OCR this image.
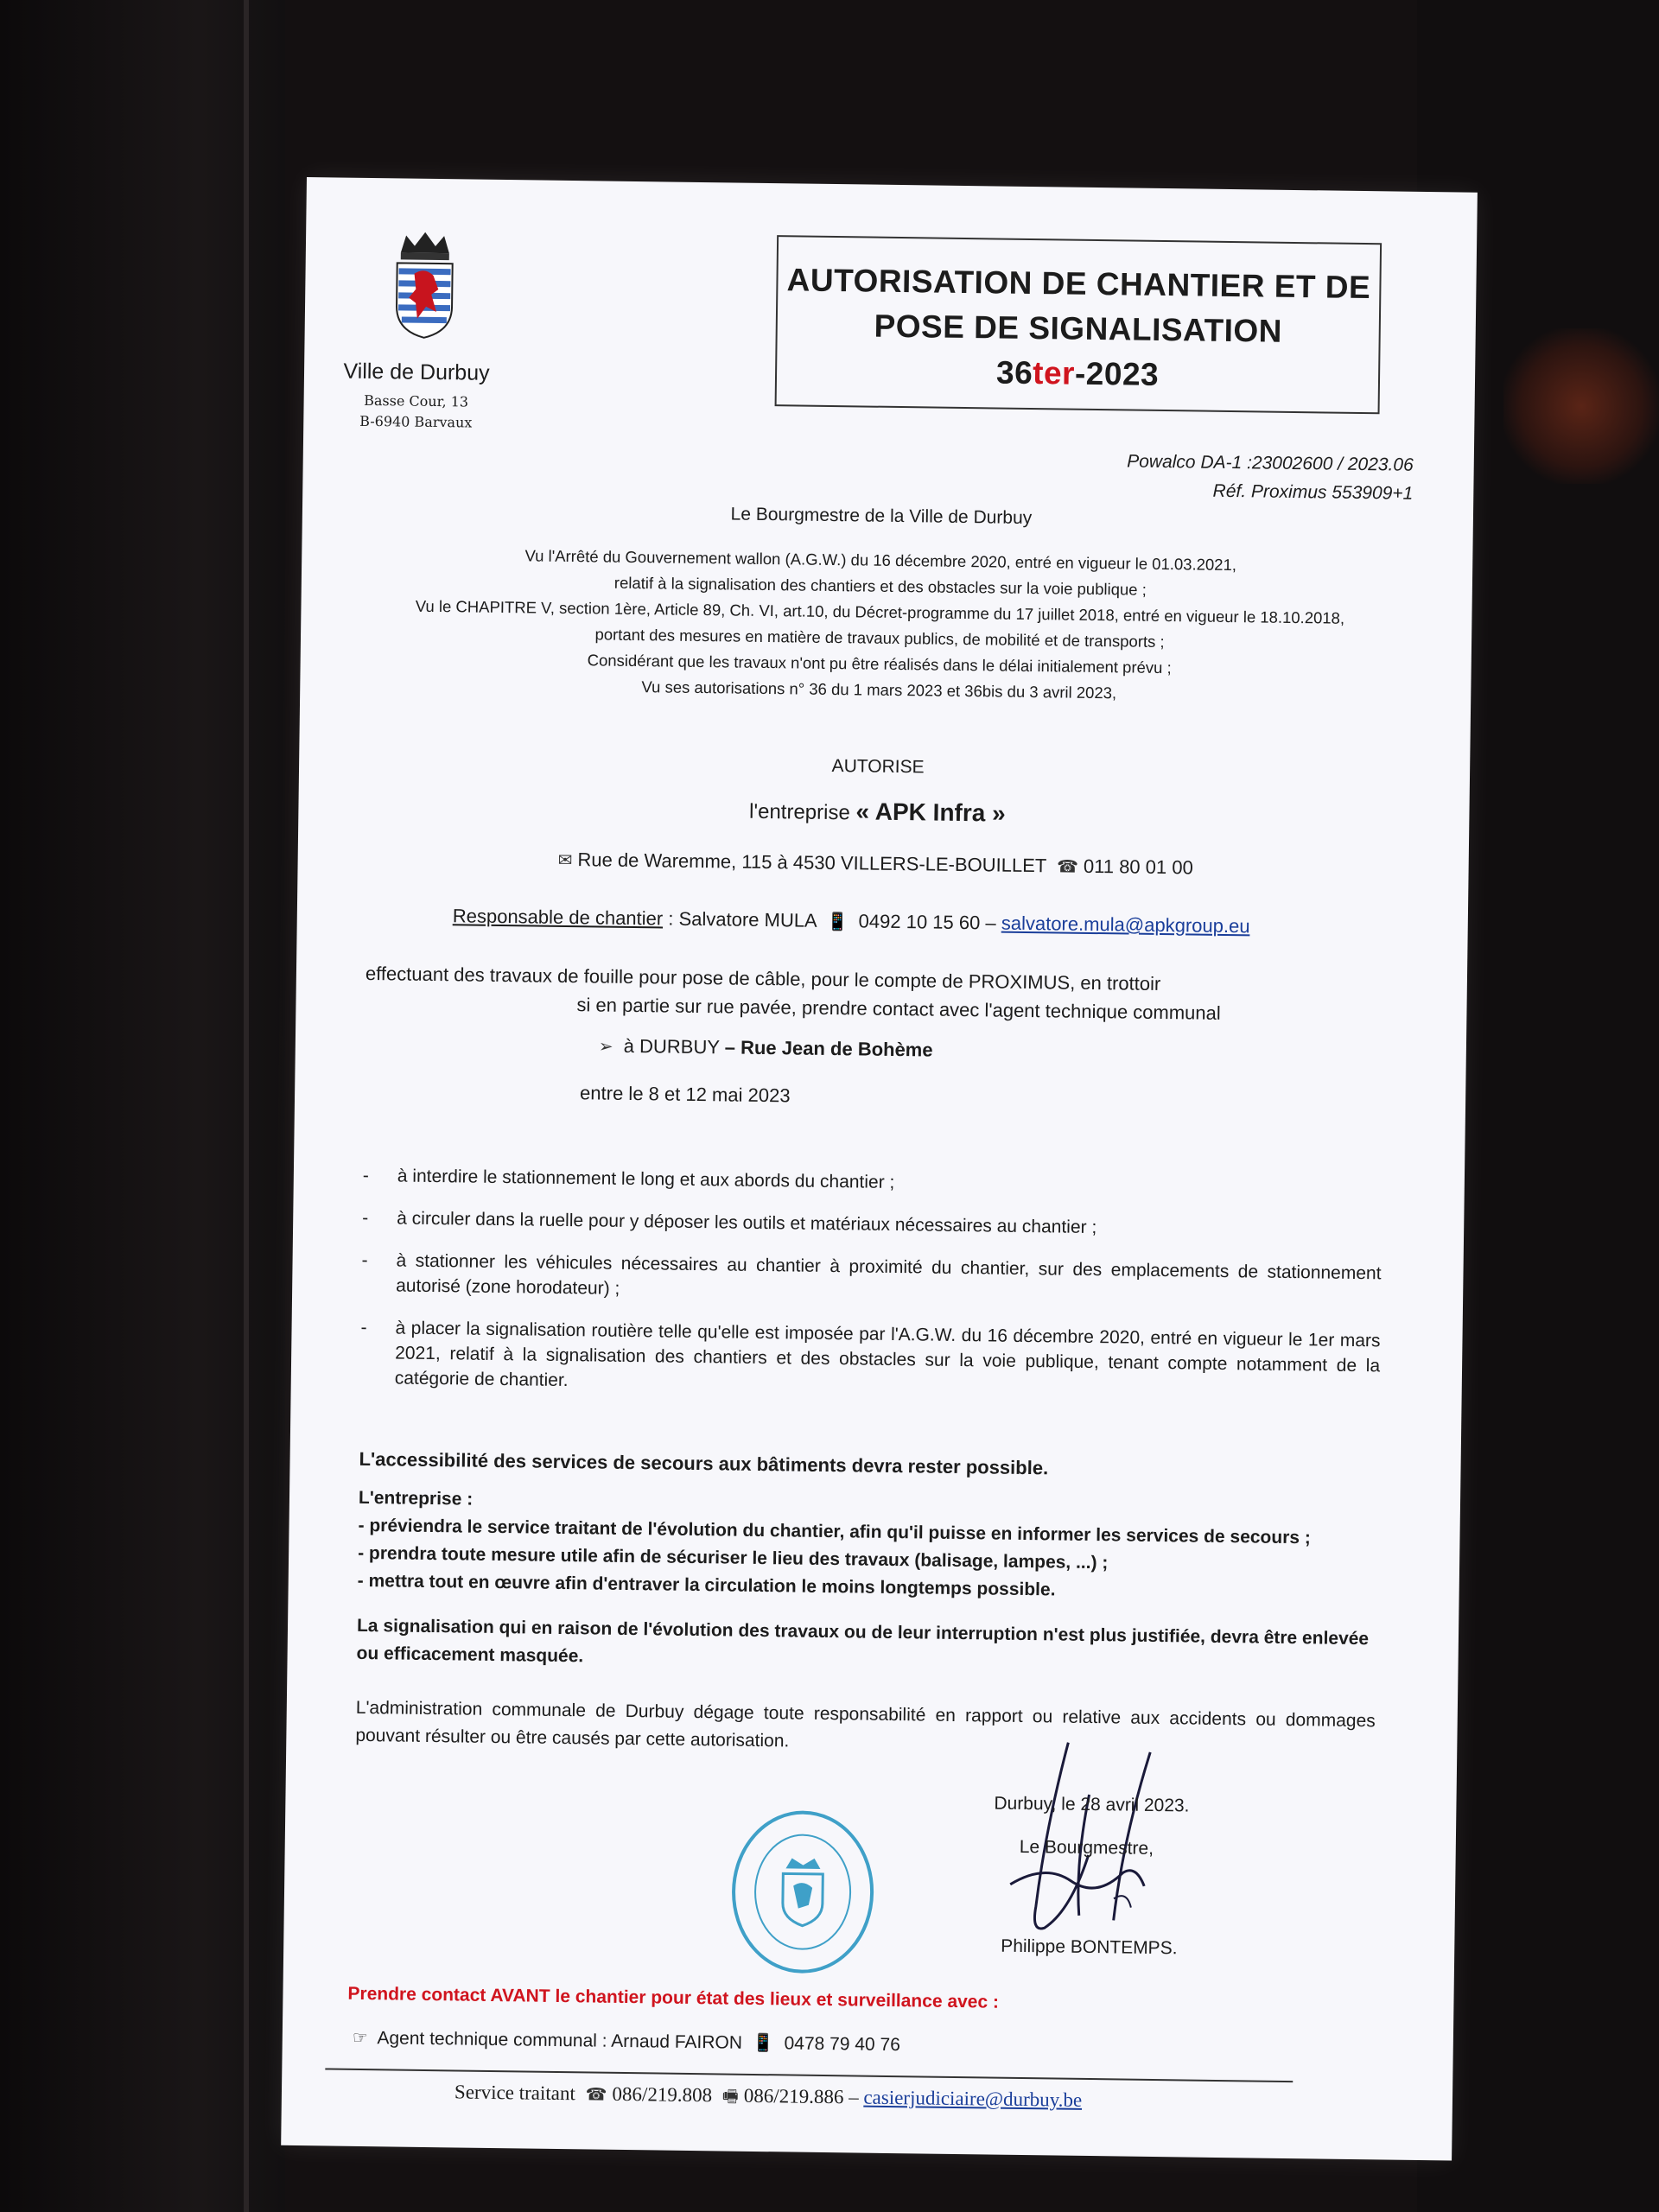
Ville de Durbuy
Basse Cour, 13
B-6940 Barvaux
AUTORISATION DE CHANTIER ET DE
POSE DE SIGNALISATION
36ter-2023
Powalco DA-1 :23002600 / 2023.06
Réf. Proximus 553909+1
Le Bourgmestre de la Ville de Durbuy
Vu l'Arrêté du Gouvernement wallon (A.G.W.) du 16 décembre 2020, entré en vigueur le 01.03.2021,
relatif à la signalisation des chantiers et des obstacles sur la voie publique ;
Vu le CHAPITRE V, section 1ère, Article 89, Ch. VI, art.10, du Décret-programme du 17 juillet 2018, entré en vigueur le 18.10.2018,
portant des mesures en matière de travaux publics, de mobilité et de transports ;
Considérant que les travaux n'ont pu être réalisés dans le délai initialement prévu ;
Vu ses autorisations n° 36 du 1 mars 2023 et 36bis du 3 avril 2023,
AUTORISE
l'entreprise « APK Infra »
✉ Rue de Waremme, 115 à 4530 VILLERS-LE-BOUILLET ☎ 011 80 01 00
Responsable de chantier : Salvatore MULA 📱 0492 10 15 60 – salvatore.mula@apkgroup.eu
effectuant des travaux de fouille pour pose de câble, pour le compte de PROXIMUS, en trottoir
si en partie sur rue pavée, prendre contact avec l'agent technique communal
➢ à DURBUY – Rue Jean de Bohème
entre le 8 et 12 mai 2023
- à interdire le stationnement le long et aux abords du chantier ;
- à circuler dans la ruelle pour y déposer les outils et matériaux nécessaires au chantier ;
- à stationner les véhicules nécessaires au chantier à proximité du chantier, sur des emplacements de stationnement autorisé (zone horodateur) ;
- à placer la signalisation routière telle qu'elle est imposée par l'A.G.W. du 16 décembre 2020, entré en vigueur le 1er mars 2021, relatif à la signalisation des chantiers et des obstacles sur la voie publique, tenant compte notamment de la catégorie de chantier.
L'accessibilité des services de secours aux bâtiments devra rester possible.
L'entreprise :
- préviendra le service traitant de l'évolution du chantier, afin qu'il puisse en informer les services de secours ;
- prendra toute mesure utile afin de sécuriser le lieu des travaux (balisage, lampes, ...) ;
- mettra tout en œuvre afin d'entraver la circulation le moins longtemps possible.
La signalisation qui en raison de l'évolution des travaux ou de leur interruption n'est plus justifiée, devra être enlevée ou efficacement masquée.
L'administration communale de Durbuy dégage toute responsabilité en rapport ou relative aux accidents ou dommages pouvant résulter ou être causés par cette autorisation.
Durbuy, le 28 avril 2023.
Le Bourgmestre,
Philippe BONTEMPS.
Prendre contact AVANT le chantier pour état des lieux et surveillance avec :
☞ Agent technique communal : Arnaud FAIRON 📱 0478 79 40 76
Service traitant ☎ 086/219.808 🖷 086/219.886 – casierjudiciaire@durbuy.be
